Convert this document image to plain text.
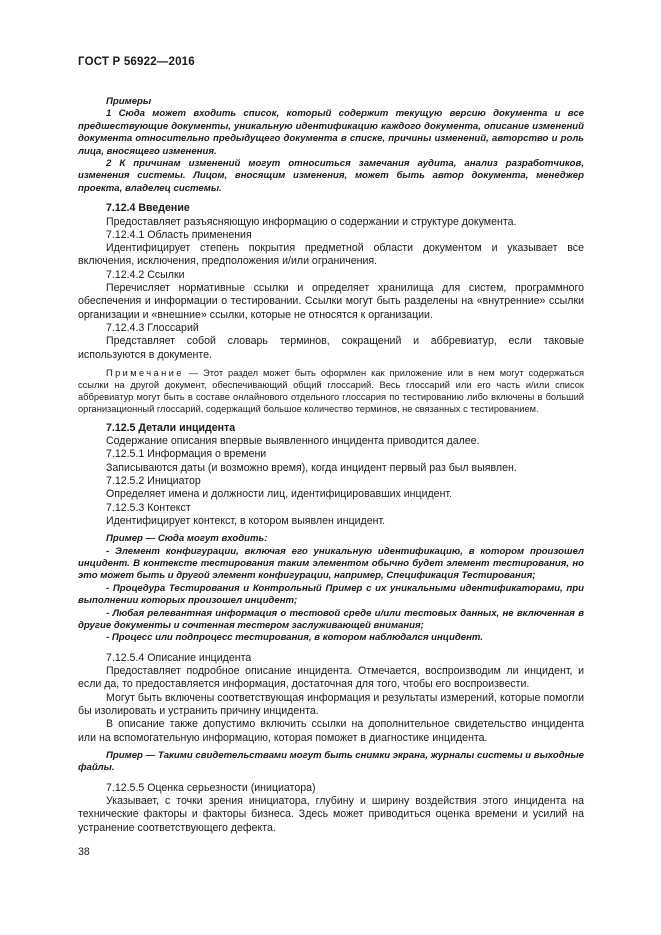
ГОСТ Р 56922—2016

Примеры

1 Сюда может входить список, который содержит текущую версию документа и все предшествующие документы, уникальную идентификацию каждого документа, описание изменений документа относительно предыдущего документа в списке, причины изменений, авторство и роль лица, вносящего изменения.

2 К причинам изменений могут относиться замечания аудита, анализ разработчиков, изменения системы. Лицом, вносящим изменения, может быть автор документа, менеджер проекта, владелец системы.

7.12.4 Введение

Предоставляет разъясняющую информацию о содержании и структуре документа.

7.12.4.1 Область применения

Идентифицирует степень покрытия предметной области документом и указывает все включения, исключения, предположения и/или ограничения.

7.12.4.2 Ссылки

Перечисляет нормативные ссылки и определяет хранилища для систем, программного обеспечения и информации о тестировании. Ссылки могут быть разделены на «внутренние» ссылки организации и «внешние» ссылки, которые не относятся к организации.

7.12.4.3 Глоссарий

Представляет собой словарь терминов, сокращений и аббревиатур, если таковые используются в документе.

Примечание — Этот раздел может быть оформлен как приложение или в нем могут содержаться ссылки на другой документ, обеспечивающий общий глоссарий. Весь глоссарий или его часть и/или список аббревиатур могут быть в составе онлайнового отдельного глоссария по тестированию либо включены в больший организационный глоссарий, содержащий большое количество терминов, не связанных с тестированием.

7.12.5 Детали инцидента

Содержание описания впервые выявленного инцидента приводится далее.

7.12.5.1 Информация о времени

Записываются даты (и возможно время), когда инцидент первый раз был выявлен.

7.12.5.2 Инициатор

Определяет имена и должности лиц, идентифицировавших инцидент.

7.12.5.3 Контекст

Идентифицирует контекст, в котором выявлен инцидент.

Пример — Сюда могут входить:

- Элемент конфигурации, включая его уникальную идентификацию, в котором произошел инцидент. В контексте тестирования таким элементом обычно будет элемент тестирования, но это может быть и другой элемент конфигурации, например, Спецификация Тестирования;

- Процедура Тестирования и Контрольный Пример с их уникальными идентификаторами, при выполнении которых произошел инцидент;

- Любая релевантная информация о тестовой среде и/или тестовых данных, не включенная в другие документы и сочтенная тестером заслуживающей внимания;

- Процесс или подпроцесс тестирования, в котором наблюдался инцидент.

7.12.5.4 Описание инцидента

Предоставляет подробное описание инцидента. Отмечается, воспроизводим ли инцидент, и если да, то предоставляется информация, достаточная для того, чтобы его воспроизвести.

Могут быть включены соответствующая информация и результаты измерений, которые помогли бы изолировать и устранить причину инцидента.

В описание также допустимо включить ссылки на дополнительное свидетельство инцидента или на вспомогательную информацию, которая поможет в диагностике инцидента.

Пример — Такими свидетельствами могут быть снимки экрана, журналы системы и выходные файлы.

7.12.5.5 Оценка серьезности (инициатора)

Указывает, с точки зрения инициатора, глубину и ширину воздействия этого инцидента на технические факторы и факторы бизнеса. Здесь может приводиться оценка времени и усилий на устранение соответствующего дефекта.

38
